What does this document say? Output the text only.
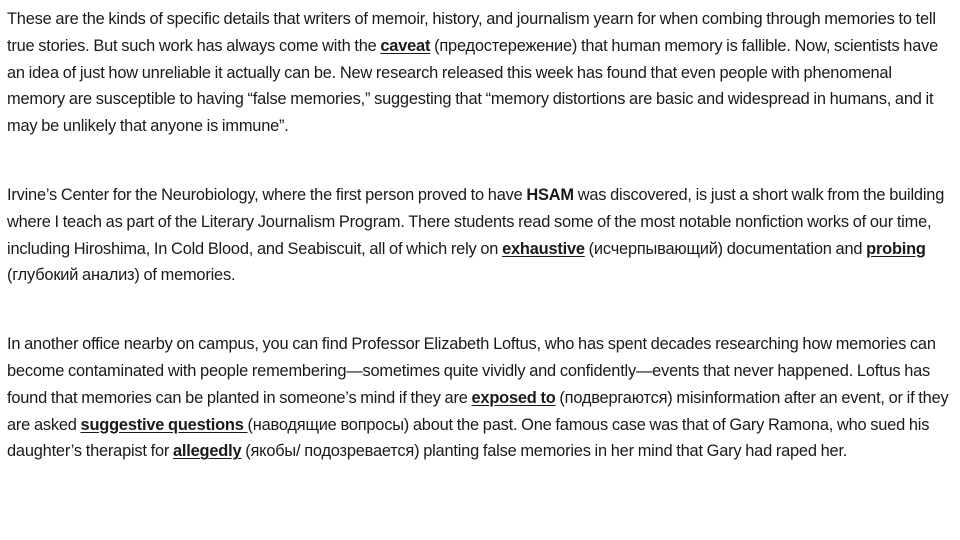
These are the kinds of specific details that writers of memoir, history, and journalism yearn for when combing through memories to tell true stories. But such work has always come with the caveat (предостережение) that human memory is fallible. Now, scientists have an idea of just how unreliable it actually can be. New research released this week has found that even people with phenomenal memory are susceptible to having “false memories,” suggesting that “memory distortions are basic and widespread in humans, and it may be unlikely that anyone is immune”.

Irvine’s Center for the Neurobiology, where the first person proved to have HSAM was discovered, is just a short walk from the building where I teach as part of the Literary Journalism Program. There students read some of the most notable nonfiction works of our time, including Hiroshima, In Cold Blood, and Seabiscuit, all of which rely on exhaustive (исчерпывающий) documentation and probing (глубокий анализ) of memories.

In another office nearby on campus, you can find Professor Elizabeth Loftus, who has spent decades researching how memories can become contaminated with people remembering—sometimes quite vividly and confidently—events that never happened. Loftus has found that memories can be planted in someone’s mind if they are exposed to (подвергаются) misinformation after an event, or if they are asked suggestive questions (наводящие вопросы) about the past. One famous case was that of Gary Ramona, who sued his daughter’s therapist for allegedly (якобы/ подозревается) planting false memories in her mind that Gary had raped her.
